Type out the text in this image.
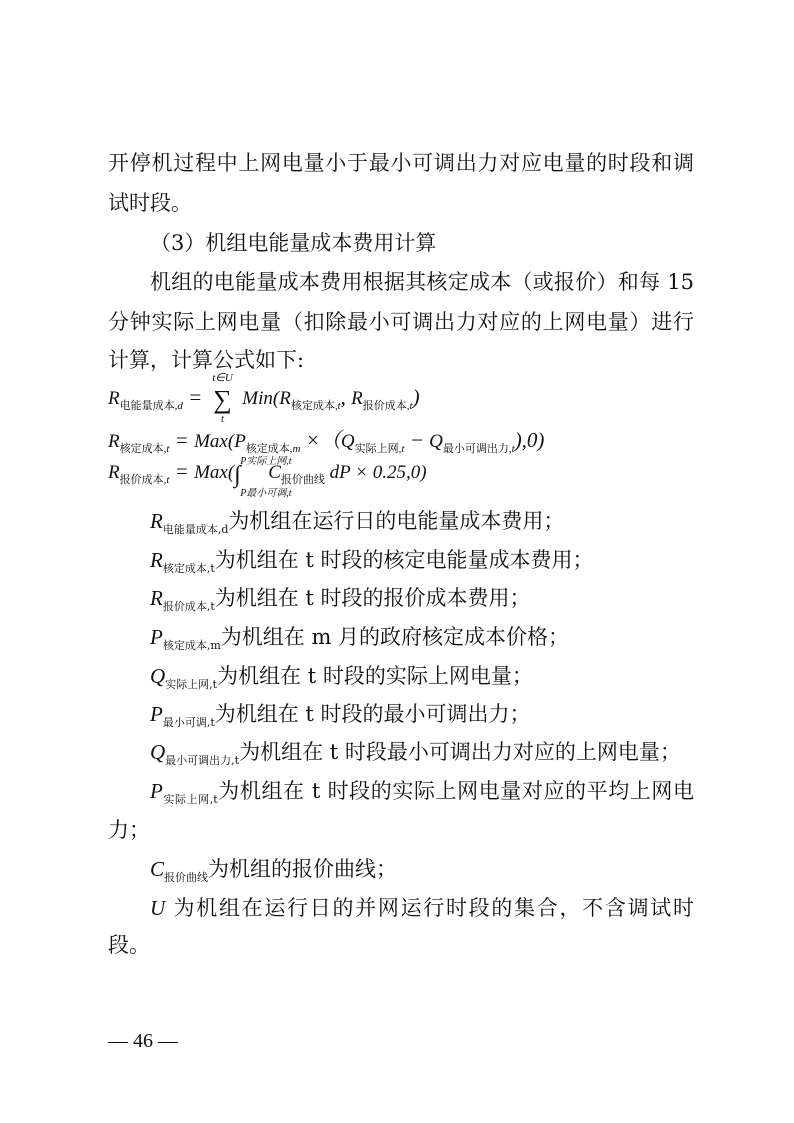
开停机过程中上网电量小于最小可调出力对应电量的时段和调
试时段。
（3）机组电能量成本费用计算
机组的电能量成本费用根据其核定成本（或报价）和每 15
分钟实际上网电量（扣除最小可调出力对应的上网电量）进行
计算，计算公式如下:
$R_{电能量成本,d}$ =
t∈U
∑
t
$Min(R_{核定成本,t}$, $R_{报价成本,t}$)
$R_{核定成本,t} = Max(P_{核定成本,m} \times(Q_{实际上网,t} - Q_{最小可调出力,t}),0)$
$R_{报价成本,t} = Max$(
P实际上网,t
∫
P最小可调,t
$C_{报价曲线}$ dP × 0.25,0)
$R_{电能量成本,d}$为机组在运行日的电能量成本费用；
$R_{核定成本,t}$为机组在 t 时段的核定电能量成本费用；
$R_{报价成本,t}$为机组在 t 时段的报价成本费用；
$P_{核定成本,m}$为机组在 m 月的政府核定成本价格；
$Q_{实际上网,t}$为机组在 t 时段的实际上网电量；
$P_{最小可调,t}$为机组在 t 时段的最小可调出力；
$Q_{最小可调出力,t}$为机组在 t 时段最小可调出力对应的上网电量；
$P_{实际上网,t}$为机组在 t 时段的实际上网电量对应的平均上网电
力；
$C_{报价曲线}$为机组的报价曲线；
U 为机组在运行日的并网运行时段的集合，不含调试时
段。
— 46 —
